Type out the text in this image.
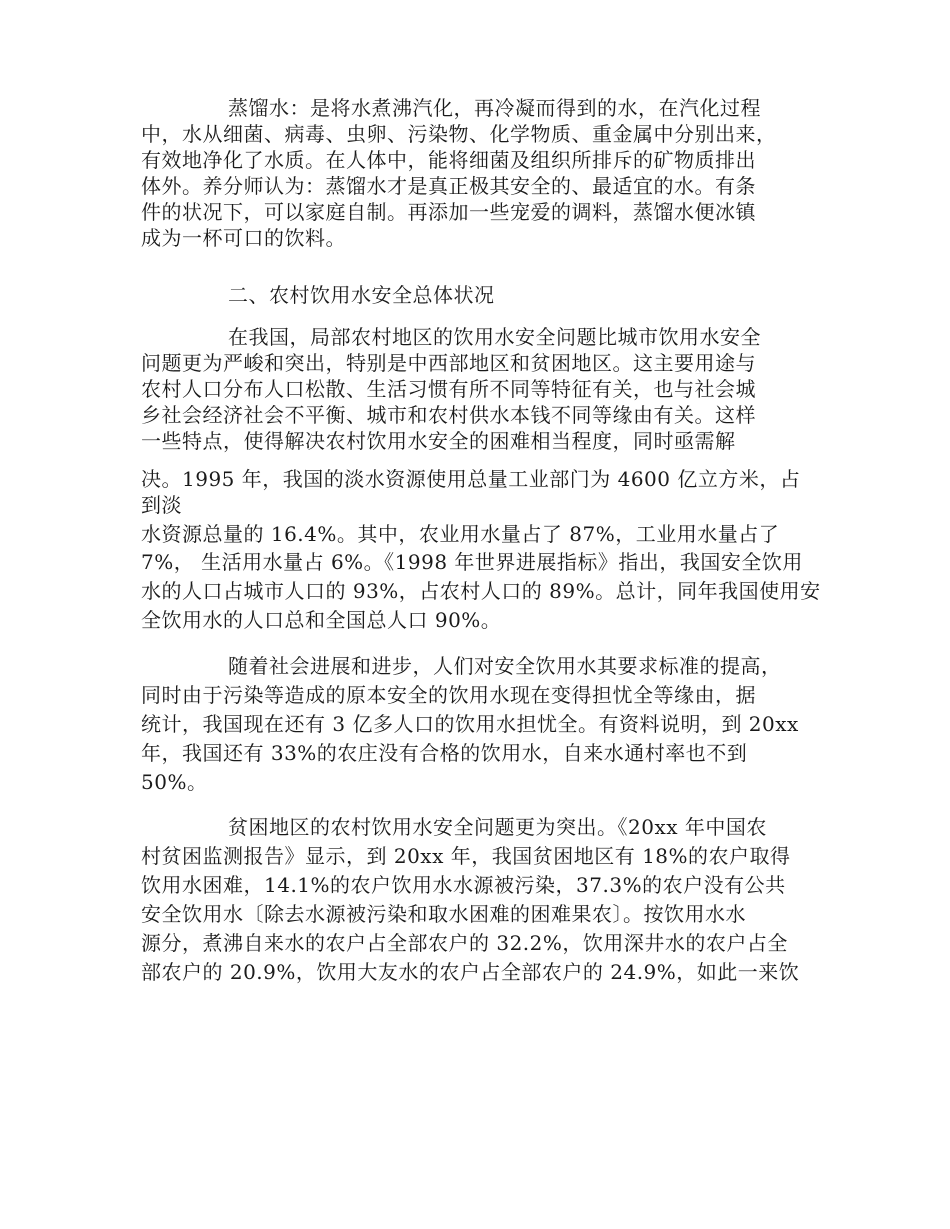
蒸馏水：是将水煮沸汽化，再冷凝而得到的水，在汽化过程

中，水从细菌、病毒、虫卵、污染物、化学物质、重金属中分别出来，

有效地净化了水质。在人体中，能将细菌及组织所排斥的矿物质排出

体外。养分师认为：蒸馏水才是真正极其安全的、最适宜的水。有条

件的状况下，可以家庭自制。再添加一些宠爱的调料，蒸馏水便冰镇

成为一杯可口的饮料。

二、农村饮用水安全总体状况

在我国，局部农村地区的饮用水安全问题比城市饮用水安全

问题更为严峻和突出，特别是中西部地区和贫困地区。这主要用途与

农村人口分布人口松散、生活习惯有所不同等特征有关，也与社会城

乡社会经济社会不平衡、城市和农村供水本钱不同等缘由有关。这样

一些特点，使得解决农村饮用水安全的困难相当程度，同时亟需解

决。1995 年，我国的淡水资源使用总量工业部门为 4600 亿立方米，占

到淡

水资源总量的 16.4%。其中，农业用水量占了 87%，工业用水量占了

7%， 生活用水量占 6%。《1998 年世界进展指标》指出，我国安全饮用

水的人口占城市人口的 93%，占农村人口的 89%。总计，同年我国使用安

全饮用水的人口总和全国总人口 90%。

随着社会进展和进步，人们对安全饮用水其要求标准的提高，

同时由于污染等造成的原本安全的饮用水现在变得担忧全等缘由，据

统计，我国现在还有 3 亿多人口的饮用水担忧全。有资料说明，到 20xx

年，我国还有 33%的农庄没有合格的饮用水，自来水通村率也不到

50%。

贫困地区的农村饮用水安全问题更为突出。《20xx 年中国农

村贫困监测报告》显示，到 20xx 年，我国贫困地区有 18%的农户取得

饮用水困难，14.1%的农户饮用水水源被污染，37.3%的农户没有公共

安全饮用水〔除去水源被污染和取水困难的困难果农〕。按饮用水水

源分，煮沸自来水的农户占全部农户的 32.2%，饮用深井水的农户占全

部农户的 20.9%，饮用大友水的农户占全部农户的 24.9%，如此一来饮
